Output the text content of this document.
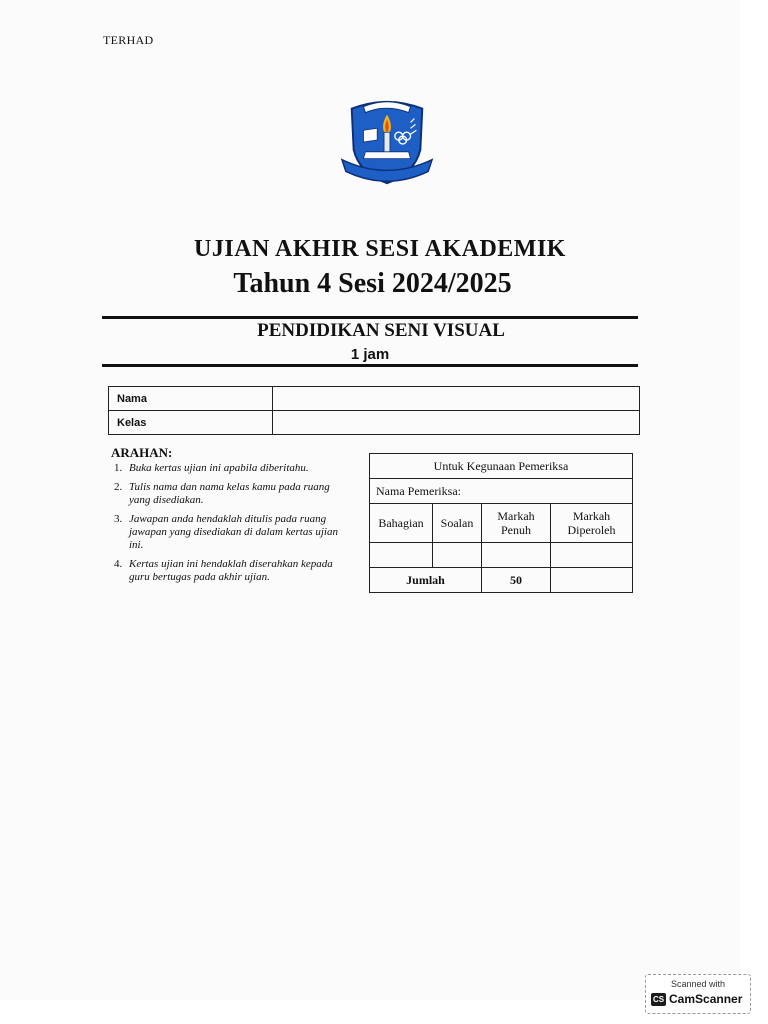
TERHAD
UJIAN AKHIR SESI AKADEMIK
Tahun 4 Sesi 2024/2025
PENDIDIKAN SENI VISUAL
1 jam
Nama	
Kelas	
ARAHAN:
1. Buka kertas ujian ini apabila diberitahu.
2. Tulis nama dan nama kelas kamu pada ruang yang disediakan.
3. Jawapan anda hendaklah ditulis pada ruang jawapan yang disediakan di dalam kertas ujian ini.
4. Kertas ujian ini hendaklah diserahkan kepada guru bertugas pada akhir ujian.
Untuk Kegunaan Pemeriksa			
Nama Pemeriksa:			
Bahagian	Soalan	Markah Penuh	Markah Diperoleh

Jumlah		50	
Scanned with
CS CamScanner
